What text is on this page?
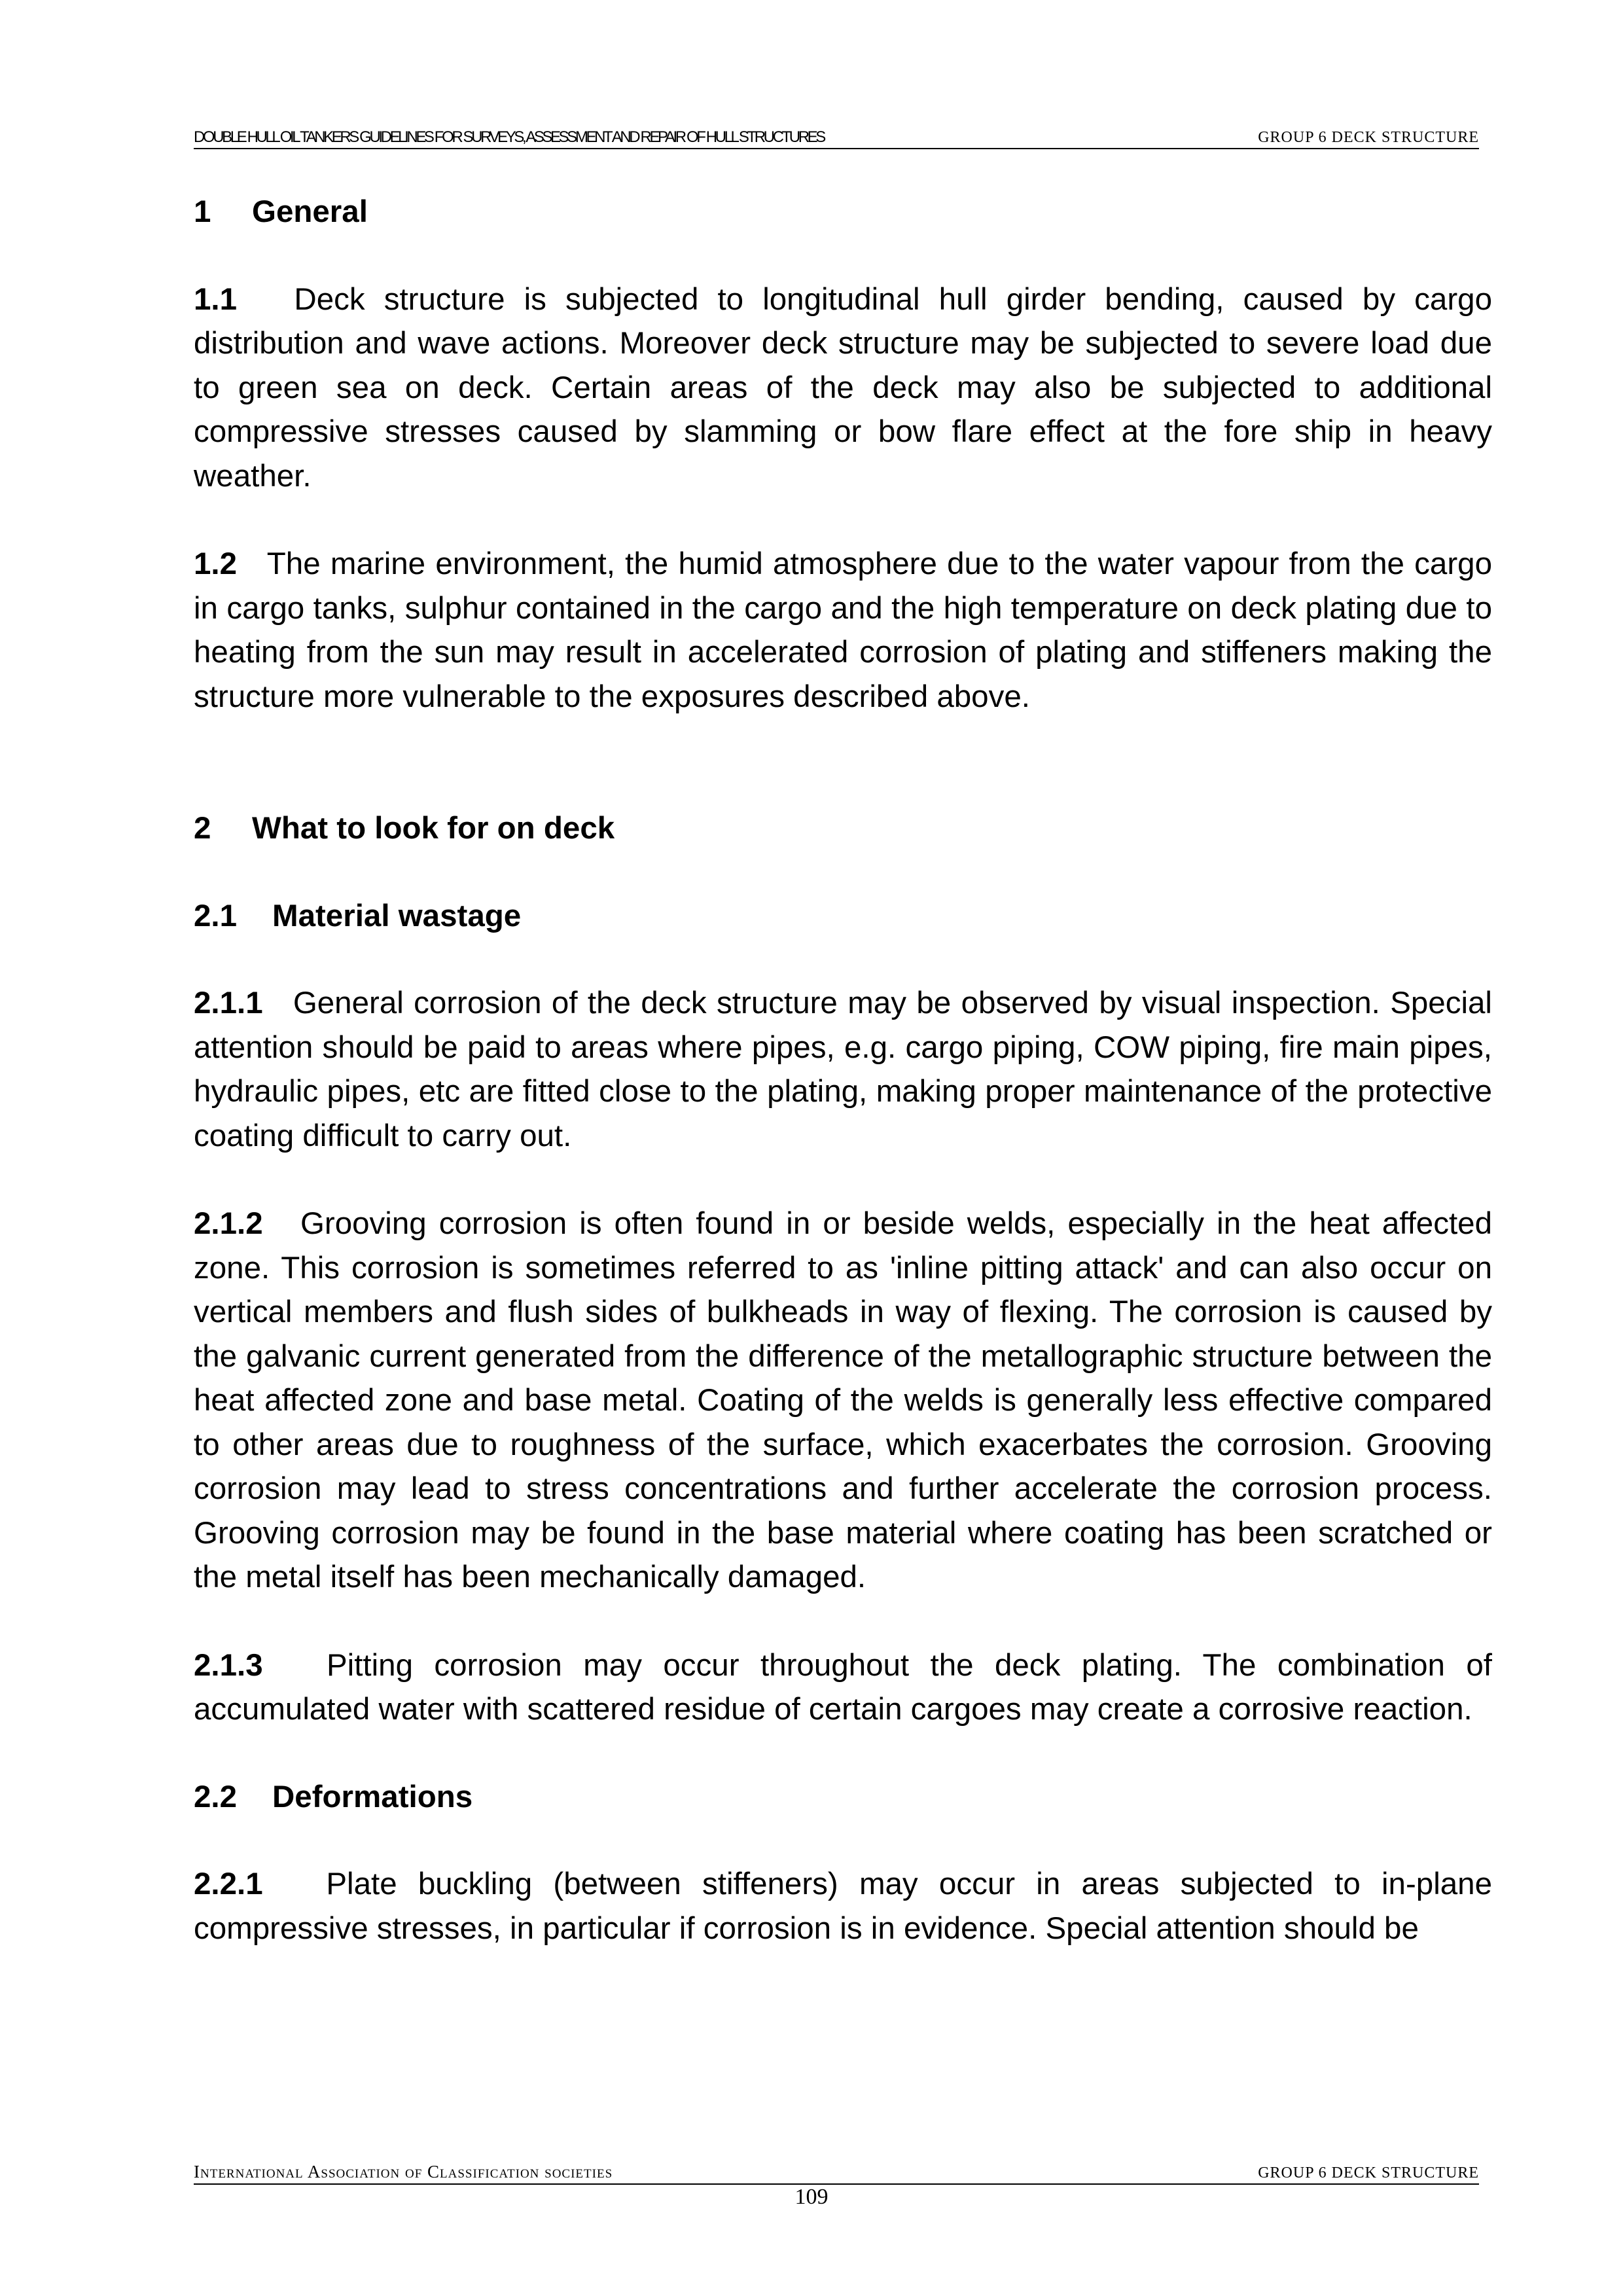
DOUBLE HULL OIL TANKERS GUIDELINES FOR SURVEYS, ASSESSMENT AND REPAIR OF HULL STRUCTURES	GROUP 6 DECK STRUCTURE

1 General

1.1 Deck structure is subjected to longitudinal hull girder bending, caused by cargo distribution and wave actions. Moreover deck structure may be subjected to severe load due to green sea on deck. Certain areas of the deck may also be subjected to additional compressive stresses caused by slamming or bow flare effect at the fore ship in heavy weather.

1.2 The marine environment, the humid atmosphere due to the water vapour from the cargo in cargo tanks, sulphur contained in the cargo and the high temperature on deck plating due to heating from the sun may result in accelerated corrosion of plating and stiffeners making the structure more vulnerable to the exposures described above.

2 What to look for on deck

2.1 Material wastage

2.1.1 General corrosion of the deck structure may be observed by visual inspection. Special attention should be paid to areas where pipes, e.g. cargo piping, COW piping, fire main pipes, hydraulic pipes, etc are fitted close to the plating, making proper maintenance of the protective coating difficult to carry out.

2.1.2 Grooving corrosion is often found in or beside welds, especially in the heat affected zone. This corrosion is sometimes referred to as 'inline pitting attack' and can also occur on vertical members and flush sides of bulkheads in way of flexing. The corrosion is caused by the galvanic current generated from the difference of the metallographic structure between the heat affected zone and base metal. Coating of the welds is generally less effective compared to other areas due to roughness of the surface, which exacerbates the corrosion. Grooving corrosion may lead to stress concentrations and further accelerate the corrosion process. Grooving corrosion may be found in the base material where coating has been scratched or the metal itself has been mechanically damaged.

2.1.3 Pitting corrosion may occur throughout the deck plating. The combination of accumulated water with scattered residue of certain cargoes may create a corrosive reaction.

2.2 Deformations

2.2.1 Plate buckling (between stiffeners) may occur in areas subjected to in-plane compressive stresses, in particular if corrosion is in evidence. Special attention should be

International Association of Classification societies	GROUP 6 DECK STRUCTURE
109
